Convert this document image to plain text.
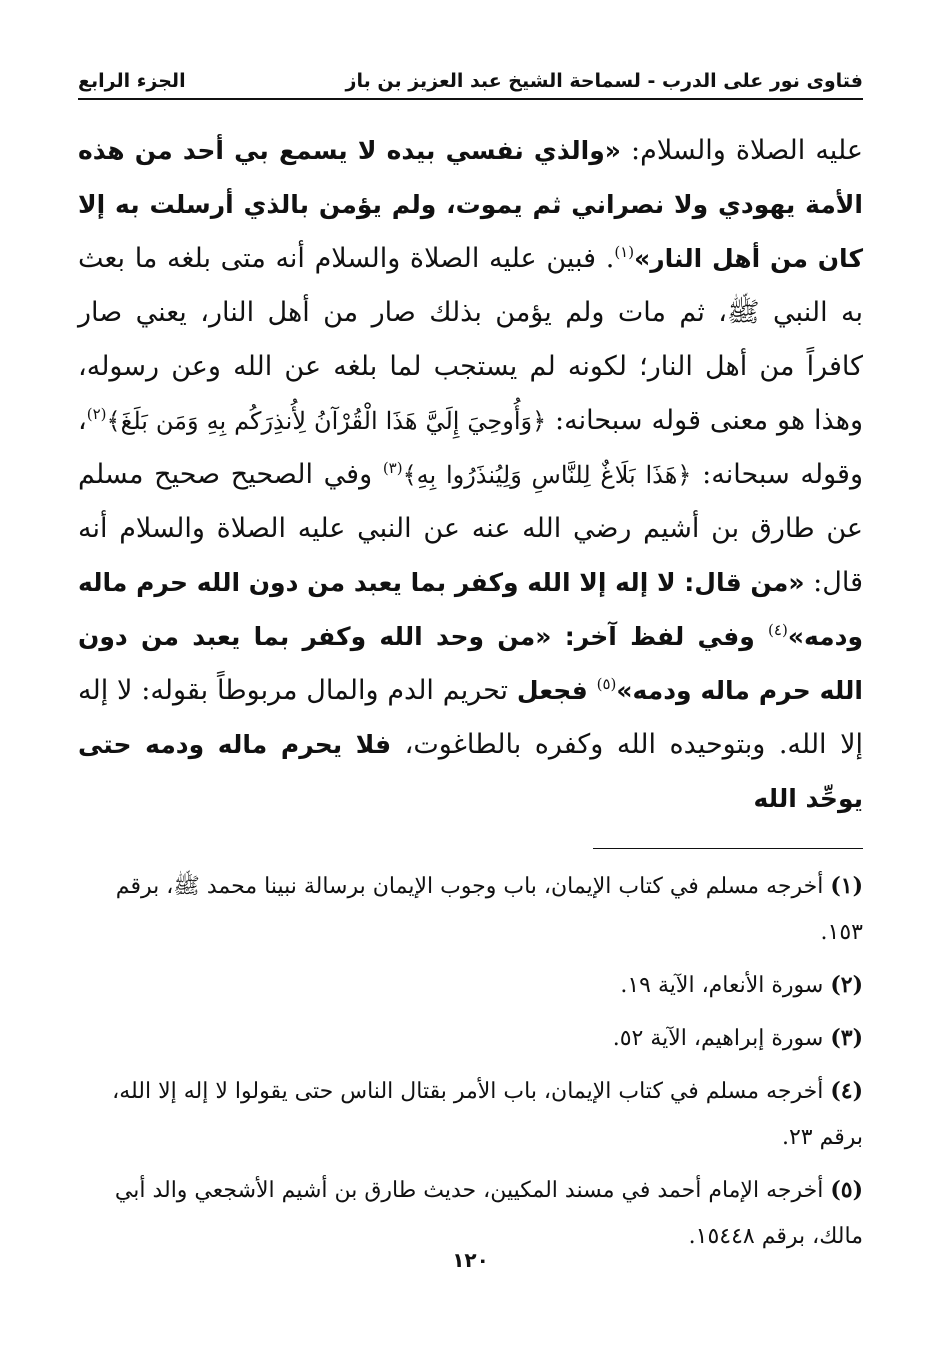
فتاوى نور على الدرب - لسماحة الشيخ عبد العزيز بن باز
الجزء الرابع
عليه الصلاة والسلام: «والذي نفسي بيده لا يسمع بي أحد من هذه الأمة يهودي ولا نصراني ثم يموت، ولم يؤمن بالذي أرسلت به إلا كان من أهل النار»$^{(١)}$. فبين عليه الصلاة والسلام أنه متى بلغه ما بعث به النبي ﷺ، ثم مات ولم يؤمن بذلك صار من أهل النار، يعني صار كافراً من أهل النار؛ لكونه لم يستجب لما بلغه عن الله وعن رسوله، وهذا هو معنى قوله سبحانه: ﴿وَأُوحِيَ إِلَيَّ هَذَا الْقُرْآنُ لِأُنذِرَكُم بِهِ وَمَن بَلَغَ﴾$^{(٢)}$، وقوله سبحانه: ﴿هَذَا بَلَاغٌ لِلنَّاسِ وَلِيُنذَرُوا بِهِ﴾$^{(٣)}$ وفي الصحيح صحيح مسلم عن طارق بن أشيم رضي الله عنه عن النبي عليه الصلاة والسلام أنه قال: «من قال: لا إله إلا الله وكفر بما يعبد من دون الله حرم ماله ودمه»$^{(٤)}$ وفي لفظ آخر: «من وحد الله وكفر بما يعبد من دون الله حرم ماله ودمه»$^{(٥)}$ فجعل تحريم الدم والمال مربوطاً بقوله: لا إله إلا الله. وبتوحيده الله وكفره بالطاغوت، فلا يحرم ماله ودمه حتى يوحِّد الله
(١) أخرجه مسلم في كتاب الإيمان، باب وجوب الإيمان برسالة نبينا محمد ﷺ، برقم ١٥٣.
(٢) سورة الأنعام، الآية ١٩.
(٣) سورة إبراهيم، الآية ٥٢.
(٤) أخرجه مسلم في كتاب الإيمان، باب الأمر بقتال الناس حتى يقولوا لا إله إلا الله، برقم ٢٣.
(٥) أخرجه الإمام أحمد في مسند المكيين، حديث طارق بن أشيم الأشجعي والد أبي مالك، برقم ١٥٤٤٨.
١٢٠
